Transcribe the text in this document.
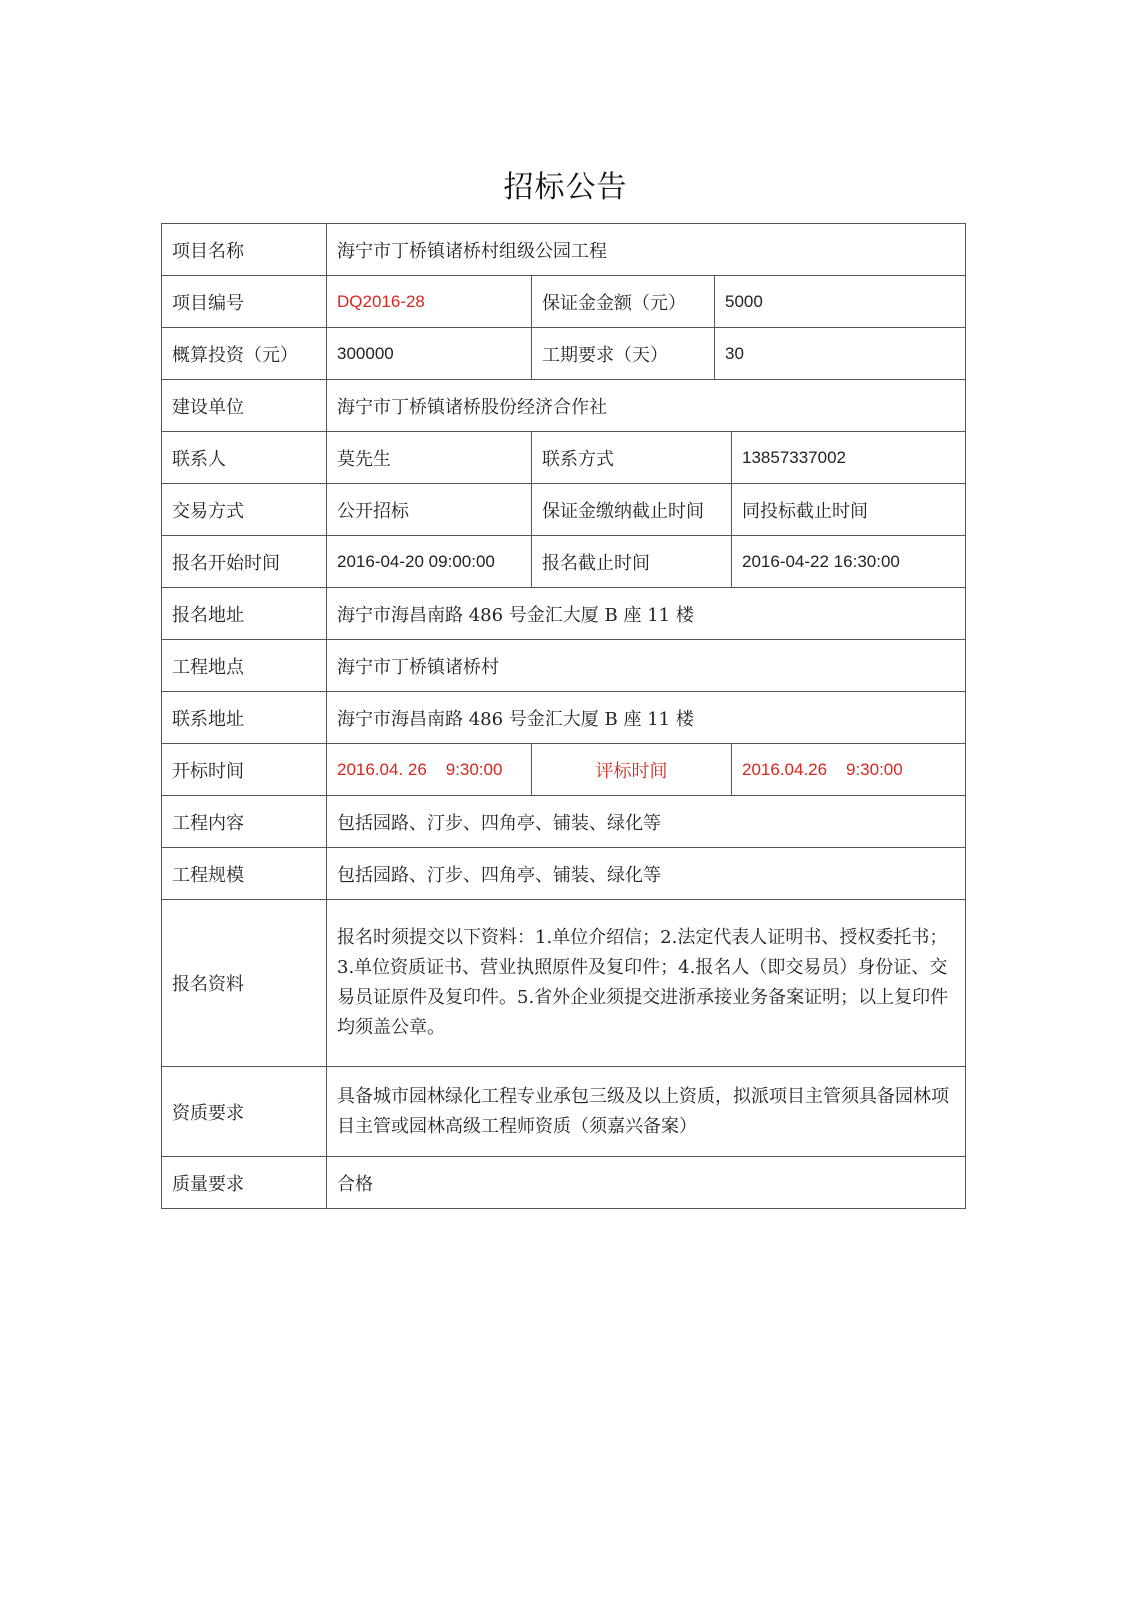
招标公告
项目名称	海宁市丁桥镇诸桥村组级公园工程			
项目编号	DQ2016-28	保证金金额（元）	5000	
概算投资（元）	300000	工期要求（天）	30	
建设单位	海宁市丁桥镇诸桥股份经济合作社			
联系人	莫先生	联系方式		13857337002
交易方式	公开招标	保证金缴纳截止时间		同投标截止时间
报名开始时间	2016-04-20 09:00:00	报名截止时间		2016-04-22 16:30:00
报名地址	海宁市海昌南路 486 号金汇大厦 B 座 11 楼			
工程地点	海宁市丁桥镇诸桥村			
联系地址	海宁市海昌南路 486 号金汇大厦 B 座 11 楼			
开标时间	2016.04. 26    9:30:00	评标时间		2016.04.26    9:30:00
工程内容	包括园路、汀步、四角亭、铺装、绿化等			
工程规模	包括园路、汀步、四角亭、铺装、绿化等			
报名资料	报名时须提交以下资料：1.单位介绍信；2.法定代表人证明书、授权委托书；3.单位资质证书、营业执照原件及复印件；4.报名人（即交易员）身份证、交易员证原件及复印件。5.省外企业须提交进浙承接业务备案证明；以上复印件均须盖公章。			
资质要求	具备城市园林绿化工程专业承包三级及以上资质，拟派项目主管须具备园林项目主管或园林高级工程师资质（须嘉兴备案）			
质量要求	合格			
